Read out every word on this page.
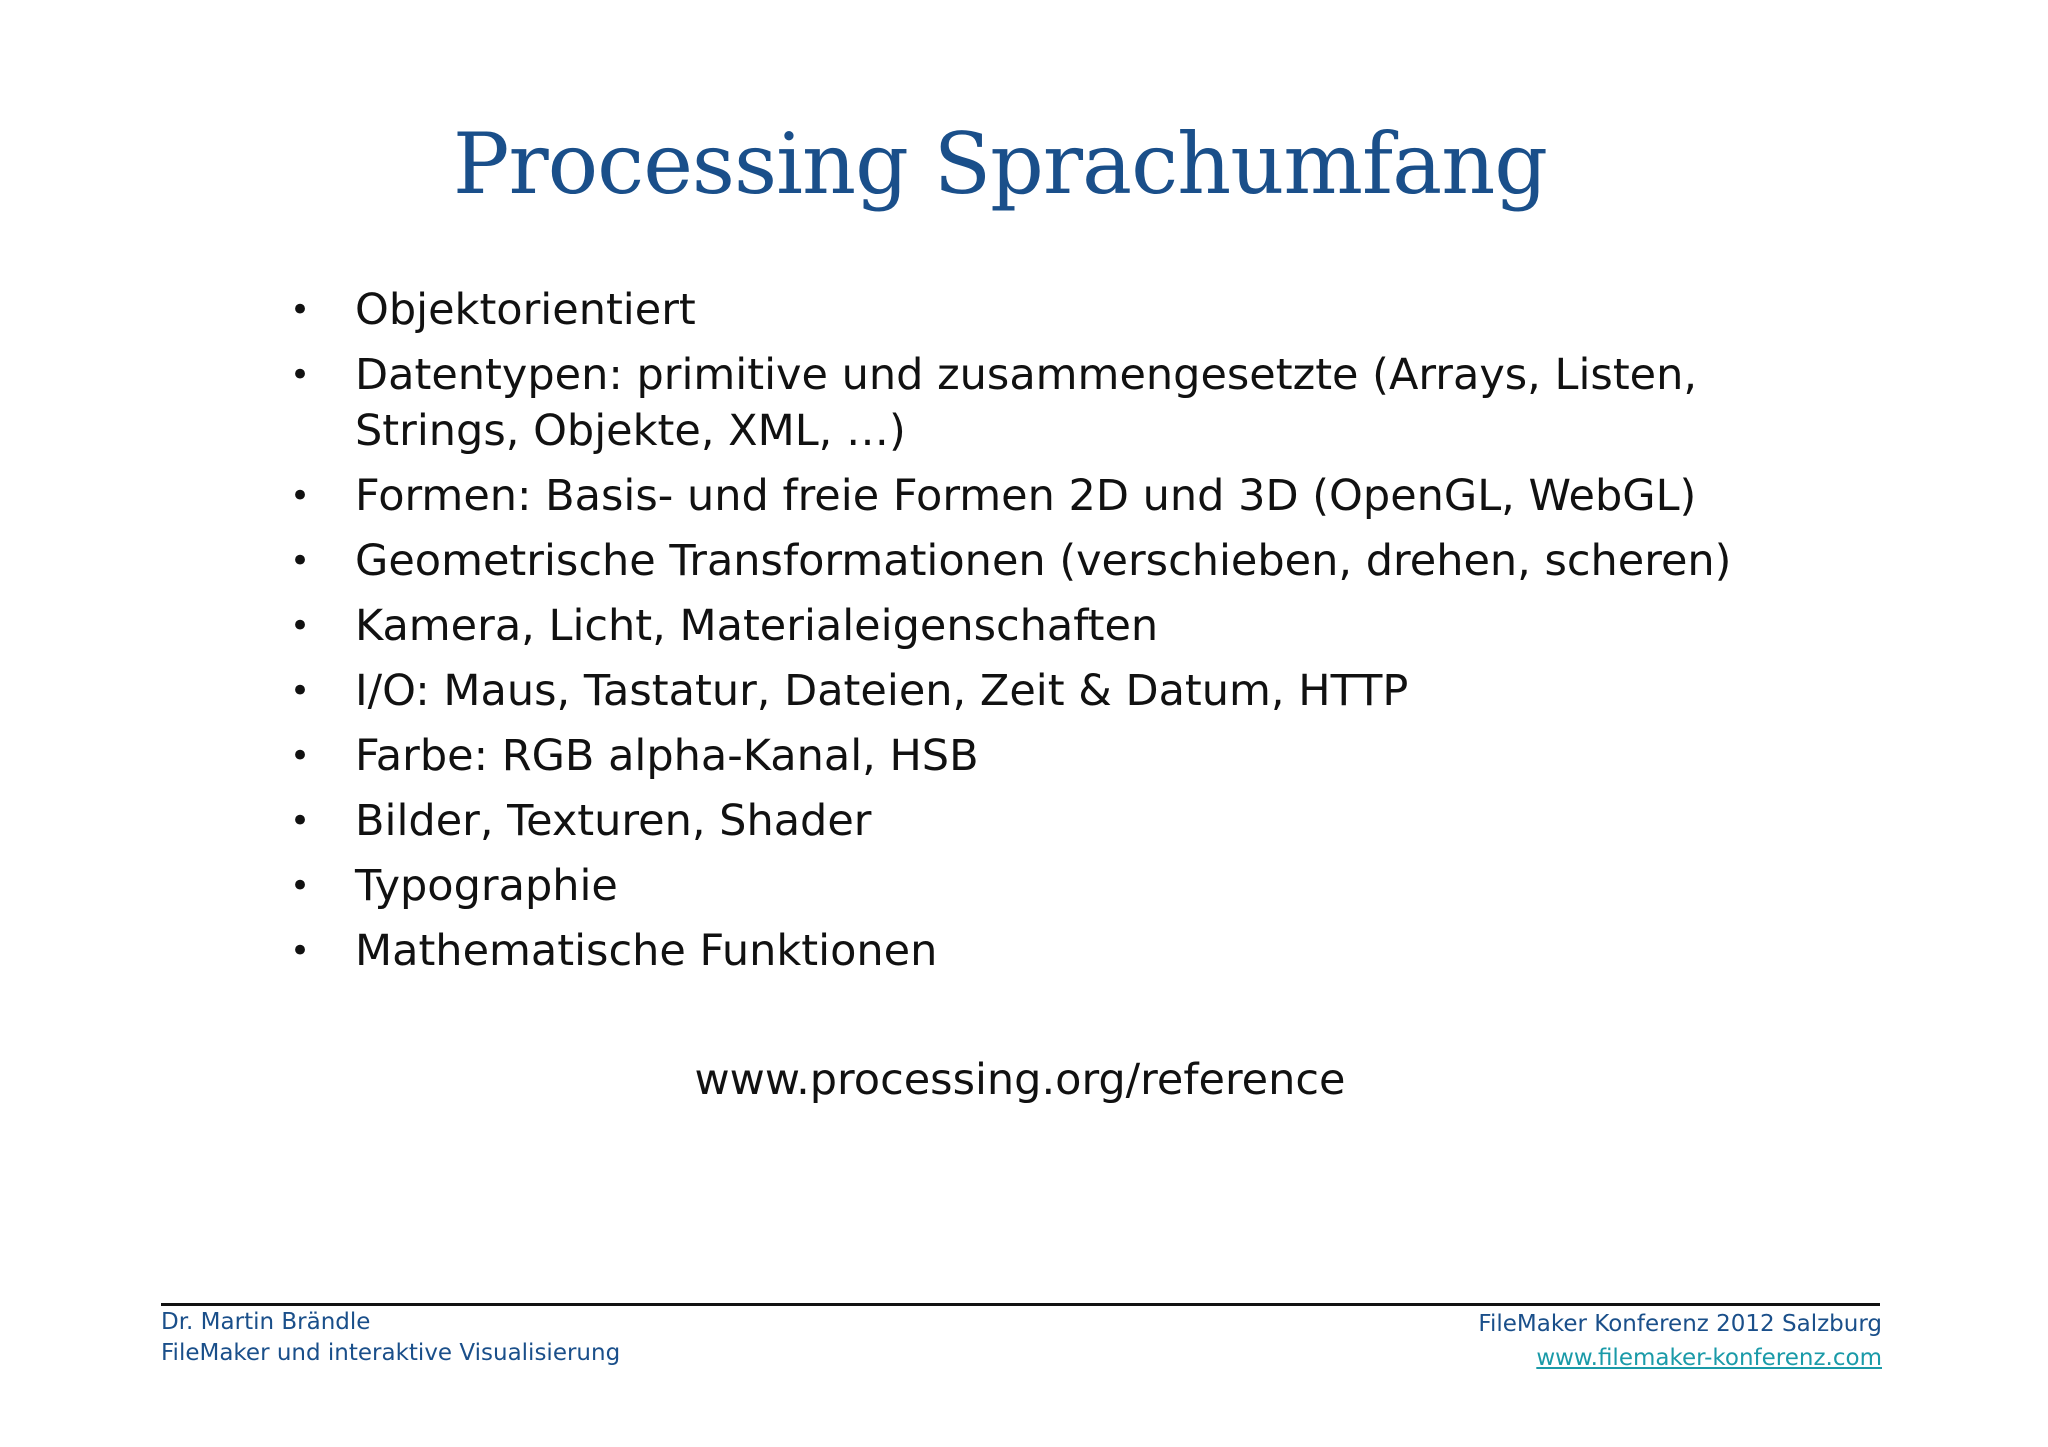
Processing Sprachumfang
• Objektorientiert
• Datentypen: primitive und zusammengesetzte (Arrays, Listen, Strings, Objekte, XML, …)
• Formen: Basis- und freie Formen 2D und 3D (OpenGL, WebGL)
• Geometrische Transformationen (verschieben, drehen, scheren)
• Kamera, Licht, Materialeigenschaften
• I/O: Maus, Tastatur, Dateien, Zeit & Datum, HTTP
• Farbe: RGB alpha-Kanal, HSB
• Bilder, Texturen, Shader
• Typographie
• Mathematische Funktionen
www.processing.org/reference
Dr. Martin Brändle
FileMaker und interaktive Visualisierung
FileMaker Konferenz 2012 Salzburg
www.filemaker-konferenz.com
